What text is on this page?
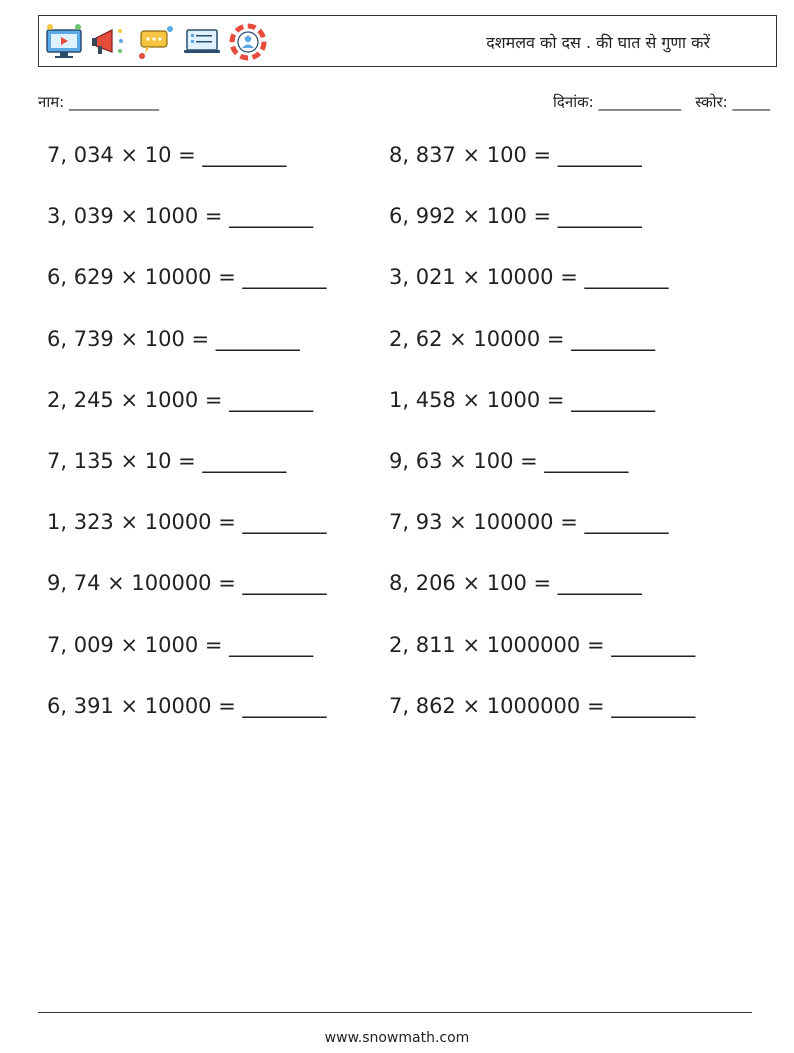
दशमलव को दस . की घात से गुणा करें
नाम: ____________	दिनांक: ___________ स्कोर: _____
7, 034 × 10 = ________	8, 837 × 100 = ________
3, 039 × 1000 = ________	6, 992 × 100 = ________
6, 629 × 10000 = ________	3, 021 × 10000 = ________
6, 739 × 100 = ________	2, 62 × 10000 = ________
2, 245 × 1000 = ________	1, 458 × 1000 = ________
7, 135 × 10 = ________	9, 63 × 100 = ________
1, 323 × 10000 = ________	7, 93 × 100000 = ________
9, 74 × 100000 = ________	8, 206 × 100 = ________
7, 009 × 1000 = ________	2, 811 × 1000000 = ________
6, 391 × 10000 = ________	7, 862 × 1000000 = ________
www.snowmath.com
